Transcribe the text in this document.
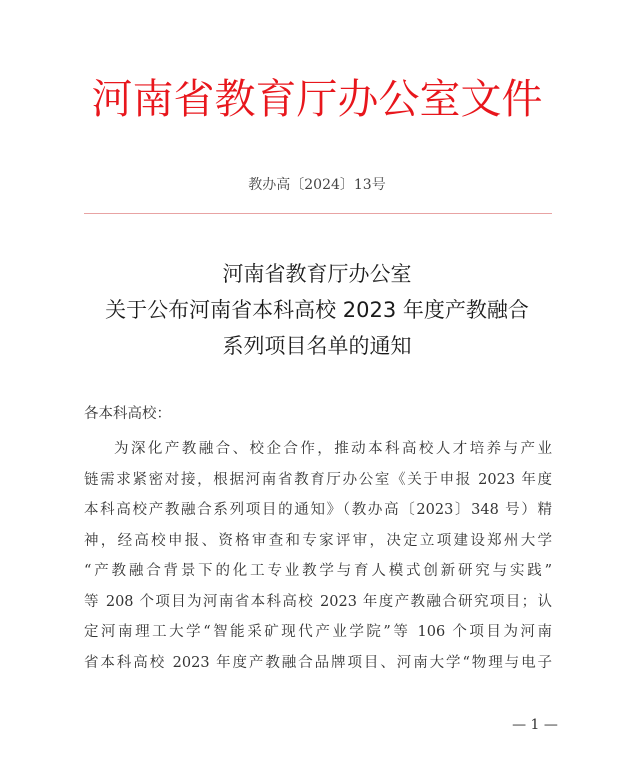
河南省教育厅办公室文件
教办高〔2024〕13号
河南省教育厅办公室
关于公布河南省本科高校 2023 年度产教融合
系列项目名单的通知
各本科高校：
为深化产教融合、校企合作，推动本科高校人才培养与产业
链需求紧密对接，根据河南省教育厅办公室《关于申报 2023 年度
本科高校产教融合系列项目的通知》（教办高〔2023〕348 号）精
神，经高校申报、资格审查和专家评审，决定立项建设郑州大学
“产教融合背景下的化工专业教学与育人模式创新研究与实践”
等 208 个项目为河南省本科高校 2023 年度产教融合研究项目；认
定河南理工大学“智能采矿现代产业学院”等 106 个项目为河南
省本科高校 2023 年度产教融合品牌项目、河南大学“物理与电子
— 1 —
